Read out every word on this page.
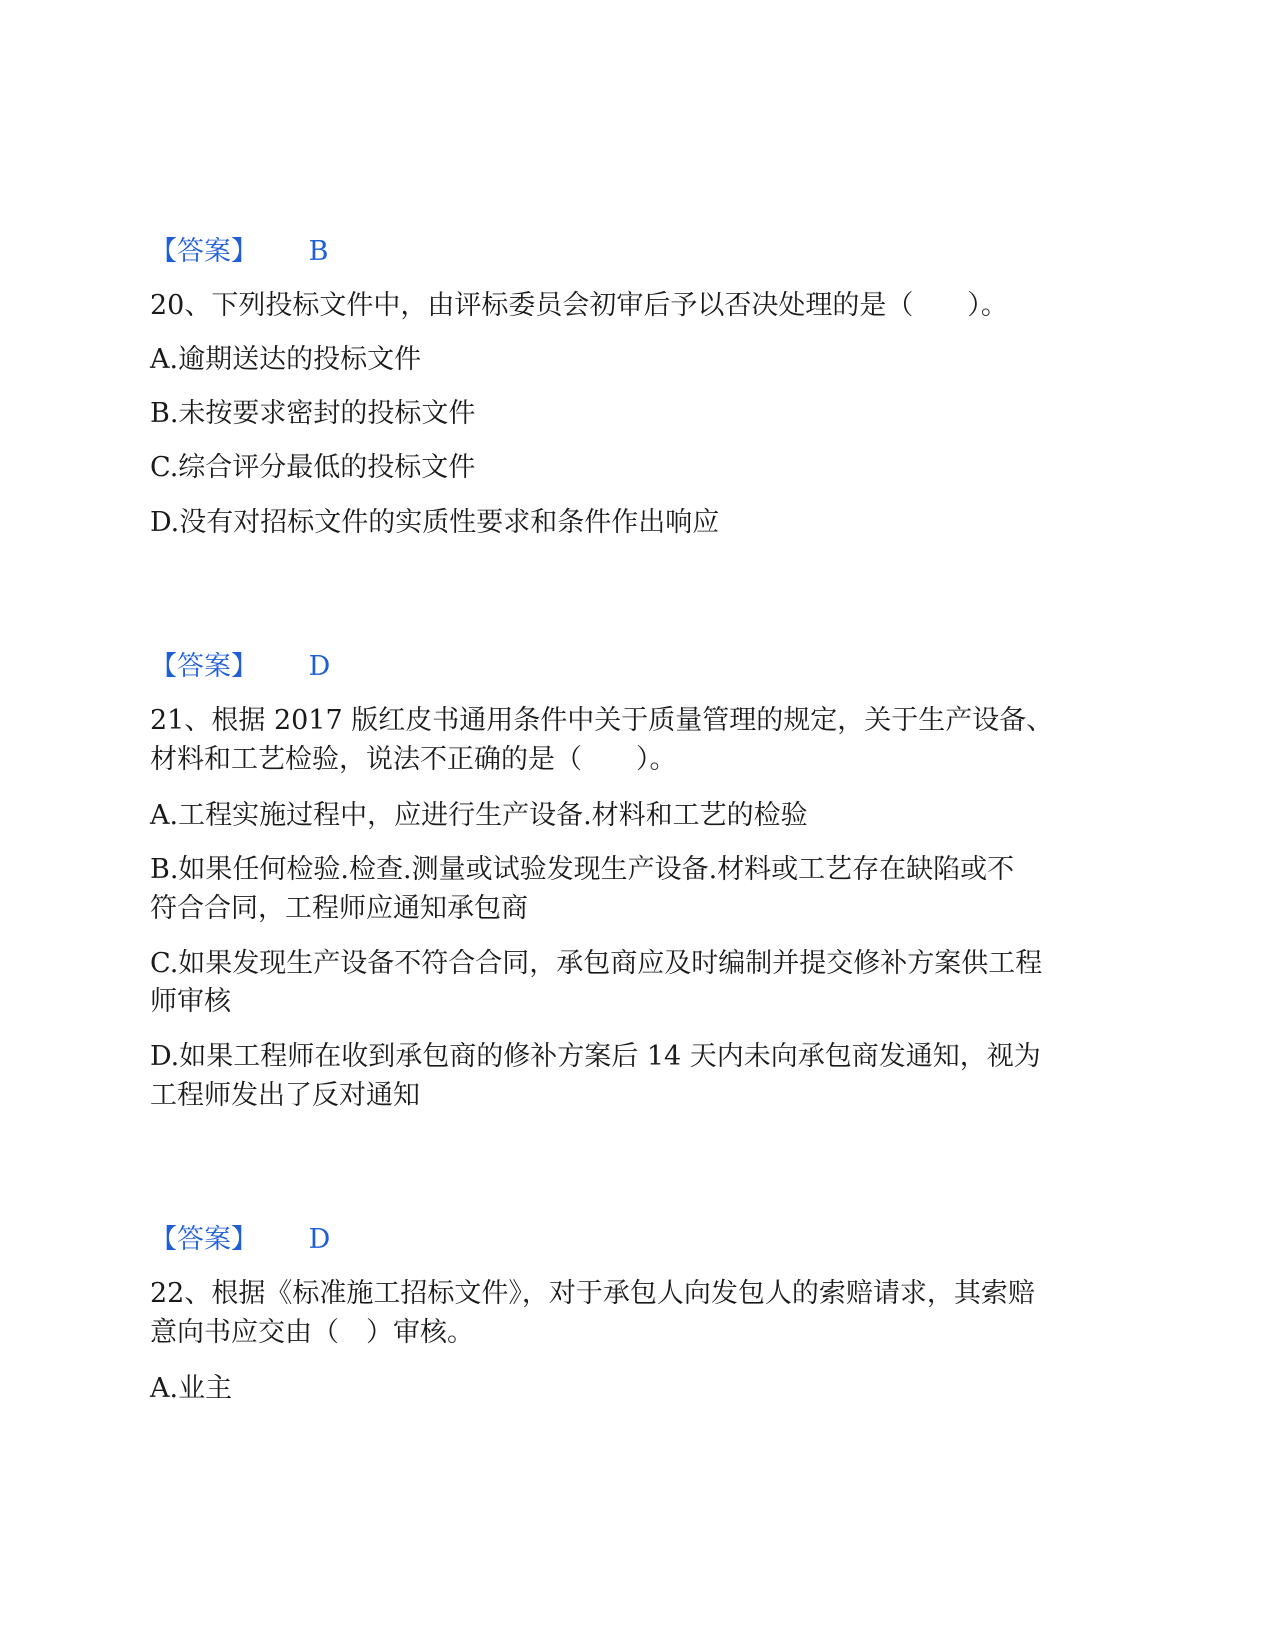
【答案】 B
20、下列投标文件中，由评标委员会初审后予以否决处理的是（　　）。
A.逾期送达的投标文件
B.未按要求密封的投标文件
C.综合评分最低的投标文件
D.没有对招标文件的实质性要求和条件作出响应
【答案】 D
21、根据 2017 版红皮书通用条件中关于质量管理的规定，关于生产设备、
材料和工艺检验，说法不正确的是（　　）。
A.工程实施过程中，应进行生产设备.材料和工艺的检验
B.如果任何检验.检查.测量或试验发现生产设备.材料或工艺存在缺陷或不
符合合同，工程师应通知承包商
C.如果发现生产设备不符合合同，承包商应及时编制并提交修补方案供工程
师审核
D.如果工程师在收到承包商的修补方案后 14 天内未向承包商发通知，视为
工程师发出了反对通知
【答案】 D
22、根据《标准施工招标文件》，对于承包人向发包人的索赔请求，其索赔
意向书应交由（　）审核。
A.业主
